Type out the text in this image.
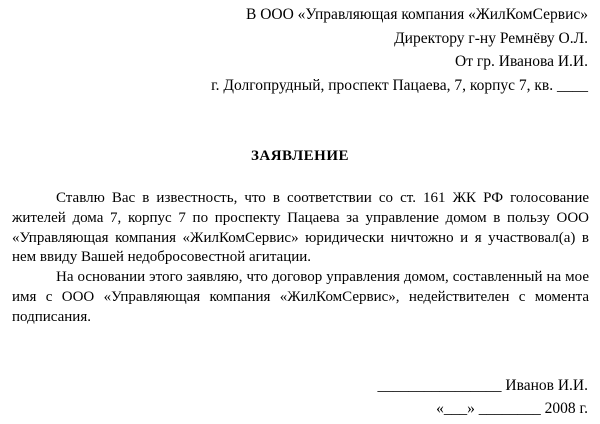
В ООО «Управляющая компания «ЖилКомСервис»
Директору г-ну Ремнёву О.Л.
От гр. Иванова И.И.
г. Долгопрудный, проспект Пацаева, 7, корпус 7, кв. ____
ЗАЯВЛЕНИЕ

Ставлю Вас в известность, что в соответствии со ст. 161 ЖК РФ голосование жителей дома 7, корпус 7 по проспекту Пацаева за управление домом в пользу ООО «Управляющая компания «ЖилКомСервис» юридически ничтожно и я участвовал(а) в нем ввиду Вашей недобросовестной агитации.

На основании этого заявляю, что договор управления домом, составленный на мое имя с ООО «Управляющая компания «ЖилКомСервис», недействителен с момента подписания.

________________ Иванов И.И.
«___» ________ 2008 г.
